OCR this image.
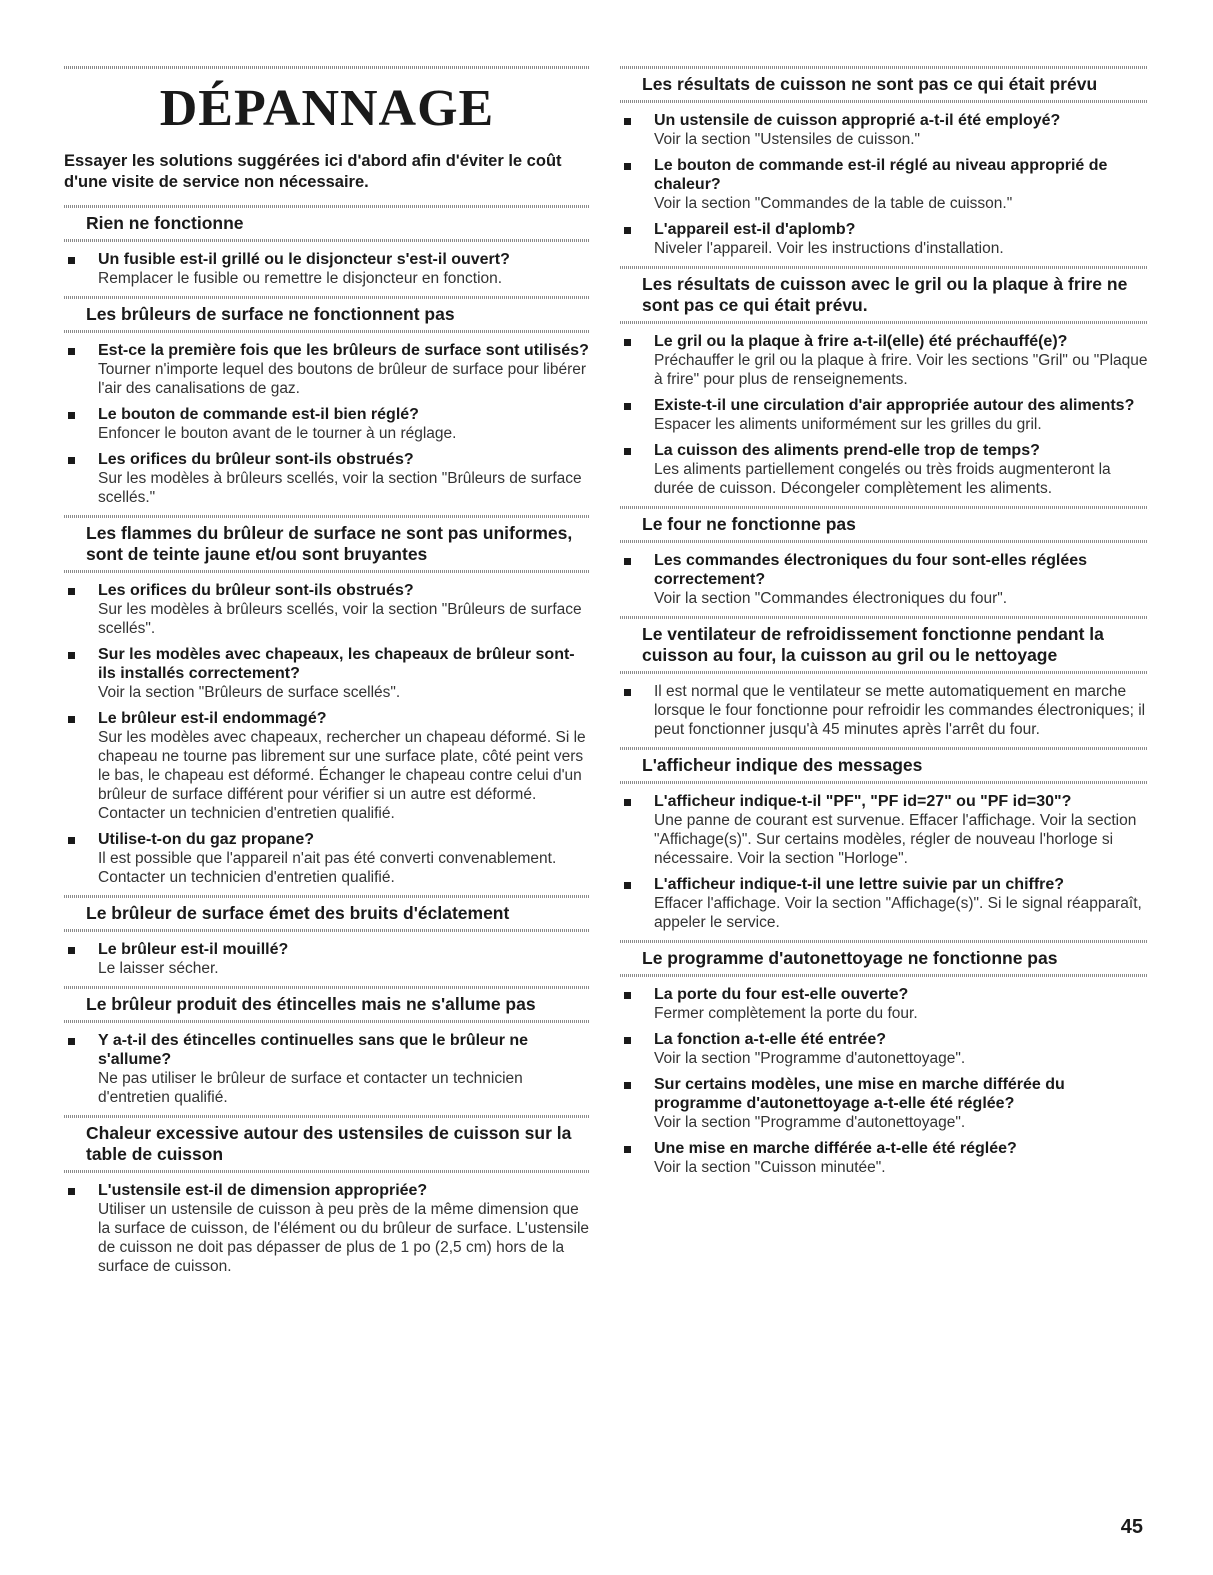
DÉPANNAGE

Essayer les solutions suggérées ici d'abord afin d'éviter le coût d'une visite de service non nécessaire.

Rien ne fonctionne
Un fusible est-il grillé ou le disjoncteur s'est-il ouvert?
Remplacer le fusible ou remettre le disjoncteur en fonction.
Les brûleurs de surface ne fonctionnent pas
Est-ce la première fois que les brûleurs de surface sont utilisés?
Tourner n'importe lequel des boutons de brûleur de surface pour libérer l'air des canalisations de gaz.
Le bouton de commande est-il bien réglé?
Enfoncer le bouton avant de le tourner à un réglage.
Les orifices du brûleur sont-ils obstrués?
Sur les modèles à brûleurs scellés, voir la section "Brûleurs de surface scellés."
Les flammes du brûleur de surface ne sont pas uniformes, sont de teinte jaune et/ou sont bruyantes
Les orifices du brûleur sont-ils obstrués?
Sur les modèles à brûleurs scellés, voir la section "Brûleurs de surface scellés".
Sur les modèles avec chapeaux, les chapeaux de brûleur sont-ils installés correctement?
Voir la section "Brûleurs de surface scellés".
Le brûleur est-il endommagé?
Sur les modèles avec chapeaux, rechercher un chapeau déformé. Si le chapeau ne tourne pas librement sur une surface plate, côté peint vers le bas, le chapeau est déformé. Échanger le chapeau contre celui d'un brûleur de surface différent pour vérifier si un autre est déformé. Contacter un technicien d'entretien qualifié.
Utilise-t-on du gaz propane?
Il est possible que l'appareil n'ait pas été converti convenablement. Contacter un technicien d'entretien qualifié.
Le brûleur de surface émet des bruits d'éclatement
Le brûleur est-il mouillé?
Le laisser sécher.
Le brûleur produit des étincelles mais ne s'allume pas
Y a-t-il des étincelles continuelles sans que le brûleur ne s'allume?
Ne pas utiliser le brûleur de surface et contacter un technicien d'entretien qualifié.
Chaleur excessive autour des ustensiles de cuisson sur la table de cuisson
L'ustensile est-il de dimension appropriée?
Utiliser un ustensile de cuisson à peu près de la même dimension que la surface de cuisson, de l'élément ou du brûleur de surface. L'ustensile de cuisson ne doit pas dépasser de plus de 1 po (2,5 cm) hors de la surface de cuisson.
Les résultats de cuisson ne sont pas ce qui était prévu
Un ustensile de cuisson approprié a-t-il été employé?
Voir la section "Ustensiles de cuisson."
Le bouton de commande est-il réglé au niveau approprié de chaleur?
Voir la section "Commandes de la table de cuisson."
L'appareil est-il d'aplomb?
Niveler l'appareil. Voir les instructions d'installation.
Les résultats de cuisson avec le gril ou la plaque à frire ne sont pas ce qui était prévu.
Le gril ou la plaque à frire a-t-il(elle) été préchauffé(e)?
Préchauffer le gril ou la plaque à frire. Voir les sections "Gril" ou "Plaque à frire" pour plus de renseignements.
Existe-t-il une circulation d'air appropriée autour des aliments?
Espacer les aliments uniformément sur les grilles du gril.
La cuisson des aliments prend-elle trop de temps?
Les aliments partiellement congelés ou très froids augmenteront la durée de cuisson. Décongeler complètement les aliments.
Le four ne fonctionne pas
Les commandes électroniques du four sont-elles réglées correctement?
Voir la section "Commandes électroniques du four".
Le ventilateur de refroidissement fonctionne pendant la cuisson au four, la cuisson au gril ou le nettoyage
Il est normal que le ventilateur se mette automatiquement en marche lorsque le four fonctionne pour refroidir les commandes électroniques; il peut fonctionner jusqu'à 45 minutes après l'arrêt du four.
L'afficheur indique des messages
L'afficheur indique-t-il "PF", "PF id=27" ou "PF id=30"?
Une panne de courant est survenue. Effacer l'affichage. Voir la section "Affichage(s)". Sur certains modèles, régler de nouveau l'horloge si nécessaire. Voir la section "Horloge".
L'afficheur indique-t-il une lettre suivie par un chiffre?
Effacer l'affichage. Voir la section "Affichage(s)". Si le signal réapparaît, appeler le service.
Le programme d'autonettoyage ne fonctionne pas
La porte du four est-elle ouverte?
Fermer complètement la porte du four.
La fonction a-t-elle été entrée?
Voir la section "Programme d'autonettoyage".
Sur certains modèles, une mise en marche différée du programme d'autonettoyage a-t-elle été réglée?
Voir la section "Programme d'autonettoyage".
Une mise en marche différée a-t-elle été réglée?
Voir la section "Cuisson minutée".
45
